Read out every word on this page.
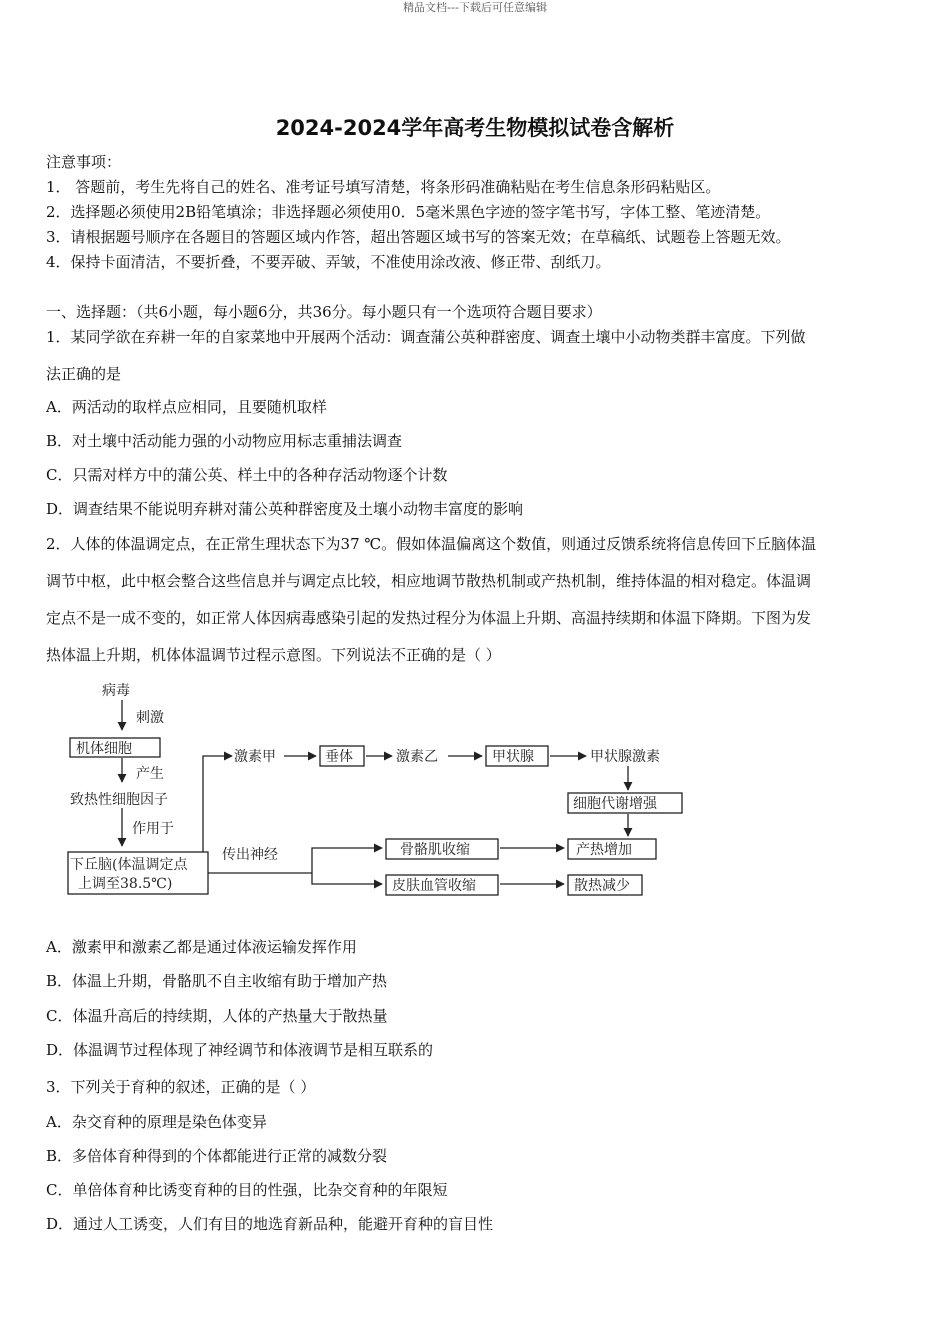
精品文档---下载后可任意编辑
2024-2024学年高考生物模拟试卷含解析
注意事项：
1． 答题前，考生先将自己的姓名、准考证号填写清楚，将条形码准确粘贴在考生信息条形码粘贴区。
2．选择题必须使用2B铅笔填涂；非选择题必须使用0．5毫米黑色字迹的签字笔书写，字体工整、笔迹清楚。
3．请根据题号顺序在各题目的答题区域内作答，超出答题区域书写的答案无效；在草稿纸、试题卷上答题无效。
4．保持卡面清洁，不要折叠，不要弄破、弄皱，不准使用涂改液、修正带、刮纸刀。
一、选择题：（共6小题，每小题6分，共36分。每小题只有一个选项符合题目要求）
1．某同学欲在弃耕一年的自家菜地中开展两个活动：调查蒲公英种群密度、调查土壤中小动物类群丰富度。下列做
法正确的是
A．两活动的取样点应相同，且要随机取样
B．对土壤中活动能力强的小动物应用标志重捕法调查
C．只需对样方中的蒲公英、样土中的各种存活动物逐个计数
D．调查结果不能说明弃耕对蒲公英种群密度及土壤小动物丰富度的影响
2．人体的体温调定点，在正常生理状态下为37 ℃。假如体温偏离这个数值，则通过反馈系统将信息传回下丘脑体温
调节中枢，此中枢会整合这些信息并与调定点比较，相应地调节散热机制或产热机制，维持体温的相对稳定。体温调
定点不是一成不变的，如正常人体因病毒感染引起的发热过程分为体温上升期、高温持续期和体温下降期。下图为发
热体温上升期，机体体温调节过程示意图。下列说法不正确的是（ ）
病毒
刺激
机体细胞
产生
致热性细胞因子
作用于
下丘脑(体温调定点
上调至38.5℃)
激素甲	垂体	激素乙	甲状腺	甲状腺激素
细胞代谢增强
传出神经	骨骼肌收缩
皮肤血管收缩
产热增加
散热减少
A．激素甲和激素乙都是通过体液运输发挥作用
B．体温上升期，骨骼肌不自主收缩有助于增加产热
C．体温升高后的持续期，人体的产热量大于散热量
D．体温调节过程体现了神经调节和体液调节是相互联系的
3．下列关于育种的叙述，正确的是（ ）
A．杂交育种的原理是染色体变异
B．多倍体育种得到的个体都能进行正常的减数分裂
C．单倍体育种比诱变育种的目的性强，比杂交育种的年限短
D．通过人工诱变，人们有目的地选育新品种，能避开育种的盲目性
